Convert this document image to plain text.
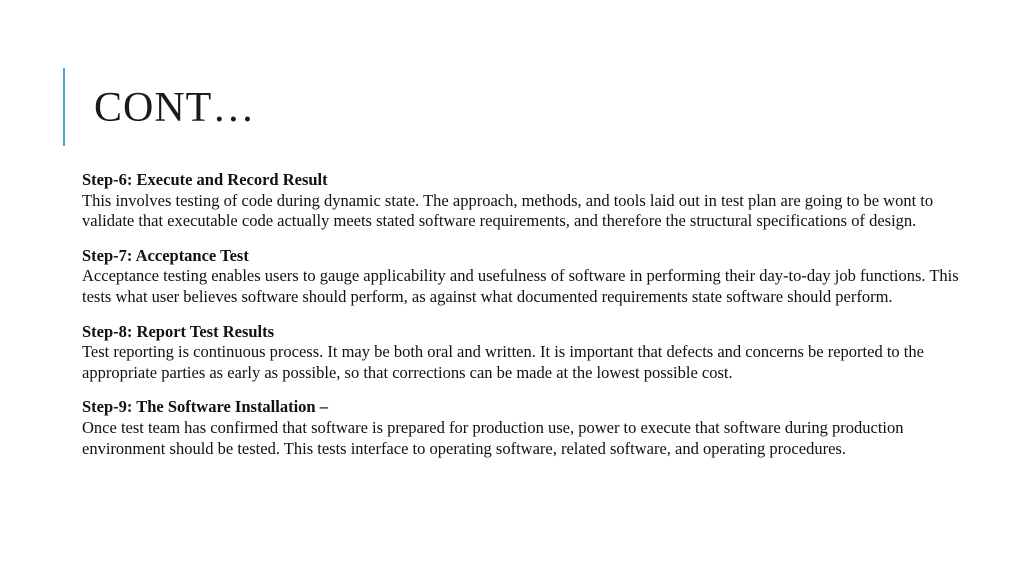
CONT…

Step-6: Execute and Record Result
This involves testing of code during dynamic state. The approach, methods, and tools laid out in test plan are going to be wont to validate that executable code actually meets stated software requirements, and therefore the structural specifications of design.

Step-7: Acceptance Test
Acceptance testing enables users to gauge applicability and usefulness of software in performing their day-to-day job functions. This tests what user believes software should perform, as against what documented requirements state software should perform.

Step-8: Report Test Results
Test reporting is continuous process. It may be both oral and written. It is important that defects and concerns be reported to the appropriate parties as early as possible, so that corrections can be made at the lowest possible cost.

Step-9: The Software Installation –
Once test team has confirmed that software is prepared for production use, power to execute that software during production environment should be tested. This tests interface to operating software, related software, and operating procedures.
